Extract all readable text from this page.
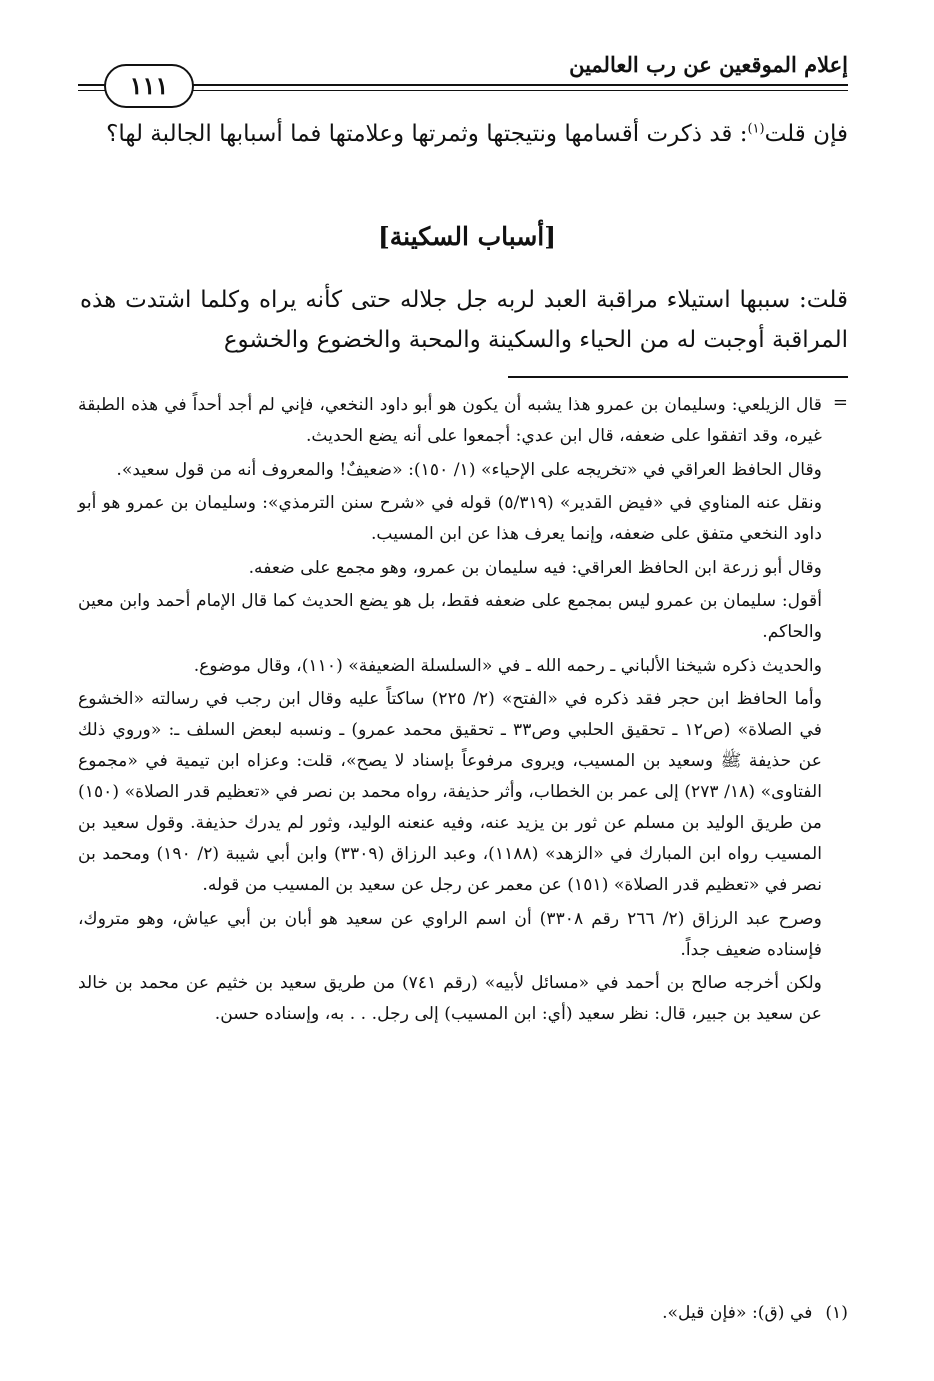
إعلام الموقعين عن رب العالمين
١١١

فإن قلت$^{(١)}$: قد ذكرت أقسامها ونتيجتها وثمرتها وعلامتها فما أسبابها الجالبة لها؟

[أسباب السكينة]

قلت: سببها استيلاء مراقبة العبد لربه جل جلاله حتى كأنه يراه وكلما اشتدت هذه المراقبة أوجبت له من الحياء والسكينة والمحبة والخضوع والخشوع

=

قال الزيلعي: وسليمان بن عمرو هذا يشبه أن يكون هو أبو داود النخعي، فإني لم أجد أحداً في هذه الطبقة غيره، وقد اتفقوا على ضعفه، قال ابن عدي: أجمعوا على أنه يضع الحديث.

وقال الحافظ العراقي في «تخريجه على الإحياء» (١/ ١٥٠): «ضعيفٌ! والمعروف أنه من قول سعيد».

ونقل عنه المناوي في «فيض القدير» (٥/٣١٩) قوله في «شرح سنن الترمذي»: وسليمان بن عمرو هو أبو داود النخعي متفق على ضعفه، وإنما يعرف هذا عن ابن المسيب.

وقال أبو زرعة ابن الحافظ العراقي: فيه سليمان بن عمرو، وهو مجمع على ضعفه.

أقول: سليمان بن عمرو ليس بمجمع على ضعفه فقط، بل هو يضع الحديث كما قال الإمام أحمد وابن معين والحاكم.

والحديث ذكره شيخنا الألباني ـ رحمه الله ـ في «السلسلة الضعيفة» (١١٠)، وقال موضوع.

وأما الحافظ ابن حجر فقد ذكره في «الفتح» (٢/ ٢٢٥) ساكتاً عليه وقال ابن رجب في رسالته «الخشوع في الصلاة» (ص١٢ ـ تحقيق الحلبي وص٣٣ ـ تحقيق محمد عمرو) ـ ونسبه لبعض السلف ـ: «وروي ذلك عن حذيفة ﷺ وسعيد بن المسيب، ويروى مرفوعاً بإسناد لا يصح»، قلت: وعزاه ابن تيمية في «مجموع الفتاوى» (١٨/ ٢٧٣) إلى عمر بن الخطاب، وأثر حذيفة، رواه محمد بن نصر في «تعظيم قدر الصلاة» (١٥٠) من طريق الوليد بن مسلم عن ثور بن يزيد عنه، وفيه عنعنه الوليد، وثور لم يدرك حذيفة. وقول سعيد بن المسيب رواه ابن المبارك في «الزهد» (١١٨٨)، وعبد الرزاق (٣٣٠٩) وابن أبي شيبة (٢/ ١٩٠) ومحمد بن نصر في «تعظيم قدر الصلاة» (١٥١) عن معمر عن رجل عن سعيد بن المسيب من قوله.

وصرح عبد الرزاق (٢/ ٢٦٦ رقم ٣٣٠٨) أن اسم الراوي عن سعيد هو أبان بن أبي عياش، وهو متروك، فإسناده ضعيف جداً.

ولكن أخرجه صالح بن أحمد في «مسائل لأبيه» (رقم ٧٤١) من طريق سعيد بن خثيم عن محمد بن خالد عن سعيد بن جبير، قال: نظر سعيد (أي: ابن المسيب) إلى رجل. . . به، وإسناده حسن.

(١) في (ق): «فإن قيل».
